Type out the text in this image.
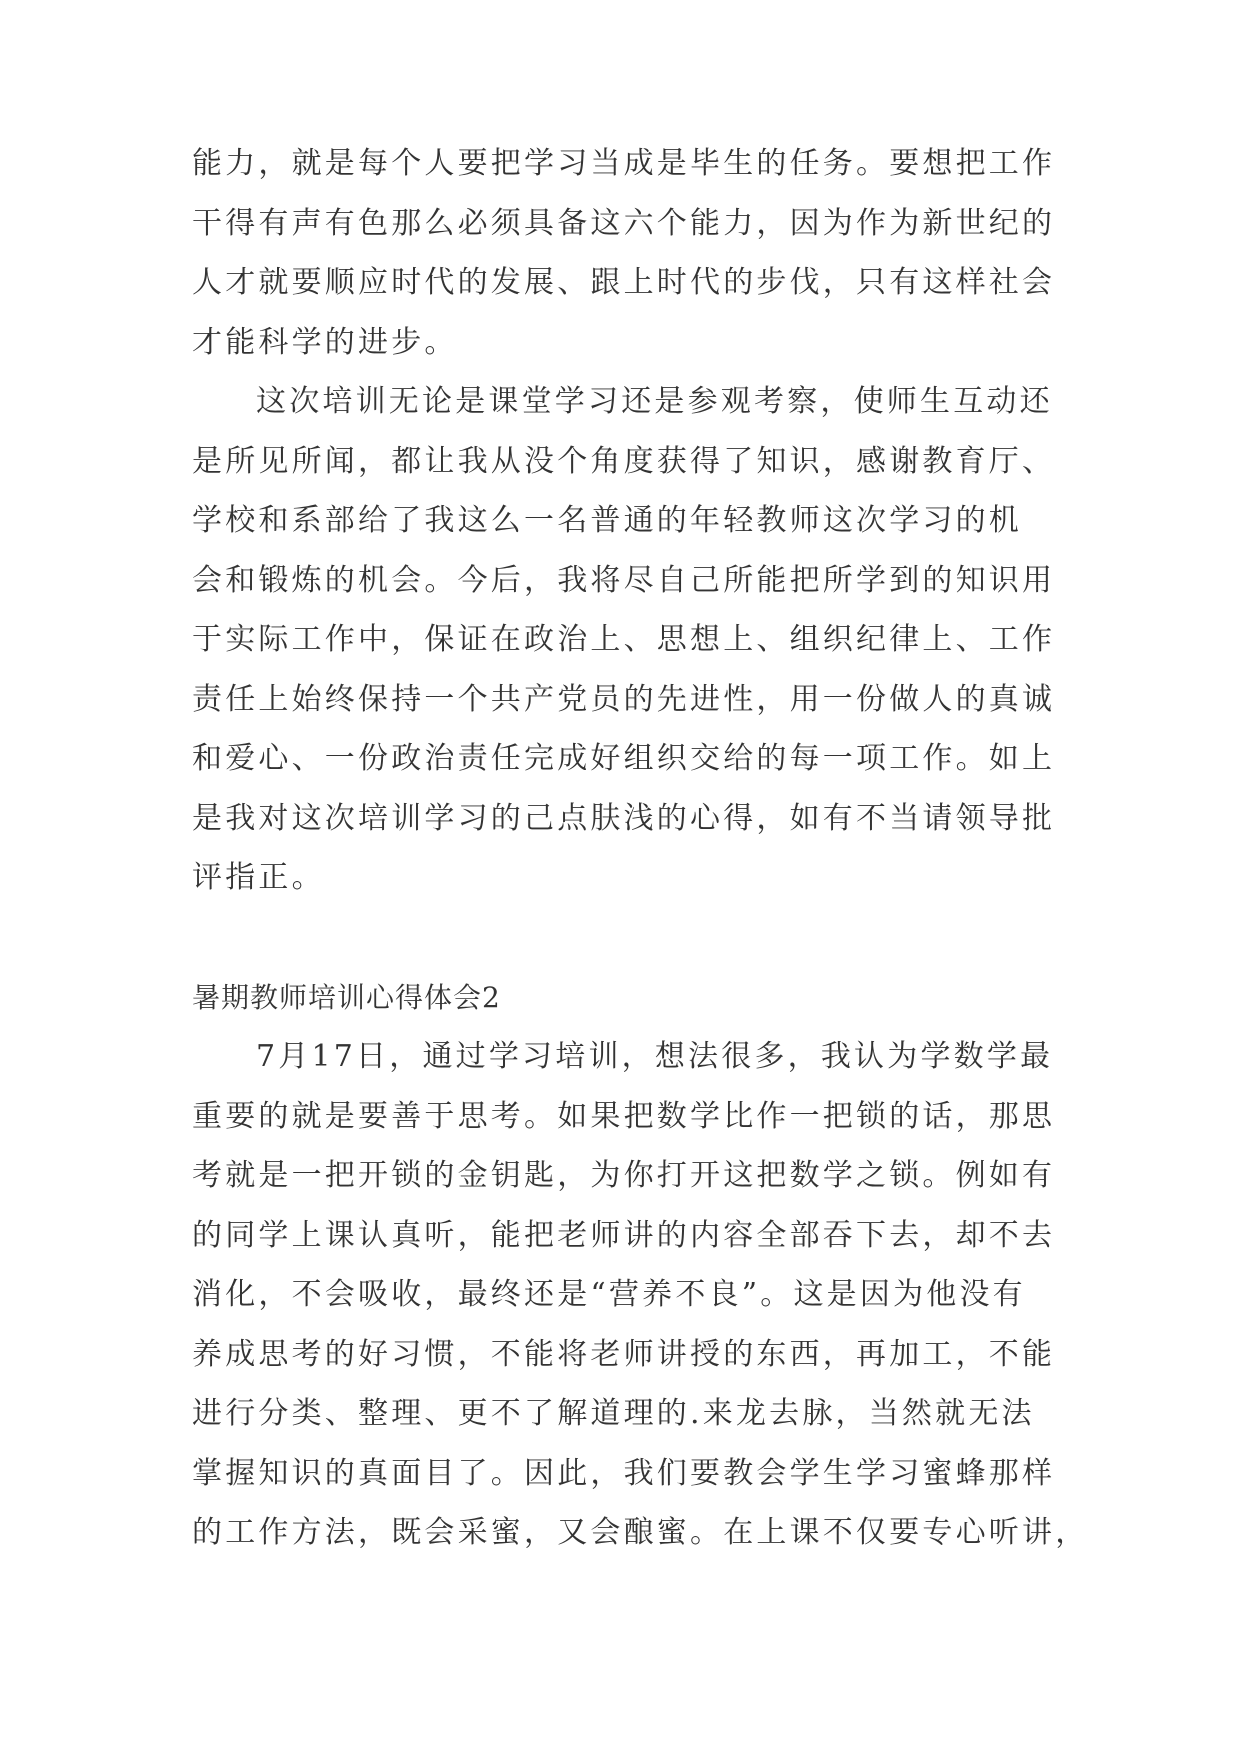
能力，就是每个人要把学习当成是毕生的任务。要想把工作
干得有声有色那么必须具备这六个能力，因为作为新世纪的
人才就要顺应时代的发展、跟上时代的步伐，只有这样社会
才能科学的进步。
这次培训无论是课堂学习还是参观考察，使师生互动还
是所见所闻，都让我从没个角度获得了知识，感谢教育厅、
学校和系部给了我这么一名普通的年轻教师这次学习的机
会和锻炼的机会。今后，我将尽自己所能把所学到的知识用
于实际工作中，保证在政治上、思想上、组织纪律上、工作
责任上始终保持一个共产党员的先进性，用一份做人的真诚
和爱心、一份政治责任完成好组织交给的每一项工作。如上
是我对这次培训学习的己点肤浅的心得，如有不当请领导批
评指正。
暑期教师培训心得体会2
7月17日，通过学习培训，想法很多，我认为学数学最
重要的就是要善于思考。如果把数学比作一把锁的话，那思
考就是一把开锁的金钥匙，为你打开这把数学之锁。例如有
的同学上课认真听，能把老师讲的内容全部吞下去，却不去
消化，不会吸收，最终还是“营养不良”。这是因为他没有
养成思考的好习惯，不能将老师讲授的东西，再加工，不能
进行分类、整理、更不了解道理的.来龙去脉，当然就无法
掌握知识的真面目了。因此，我们要教会学生学习蜜蜂那样
的工作方法，既会采蜜，又会酿蜜。在上课不仅要专心听讲，
